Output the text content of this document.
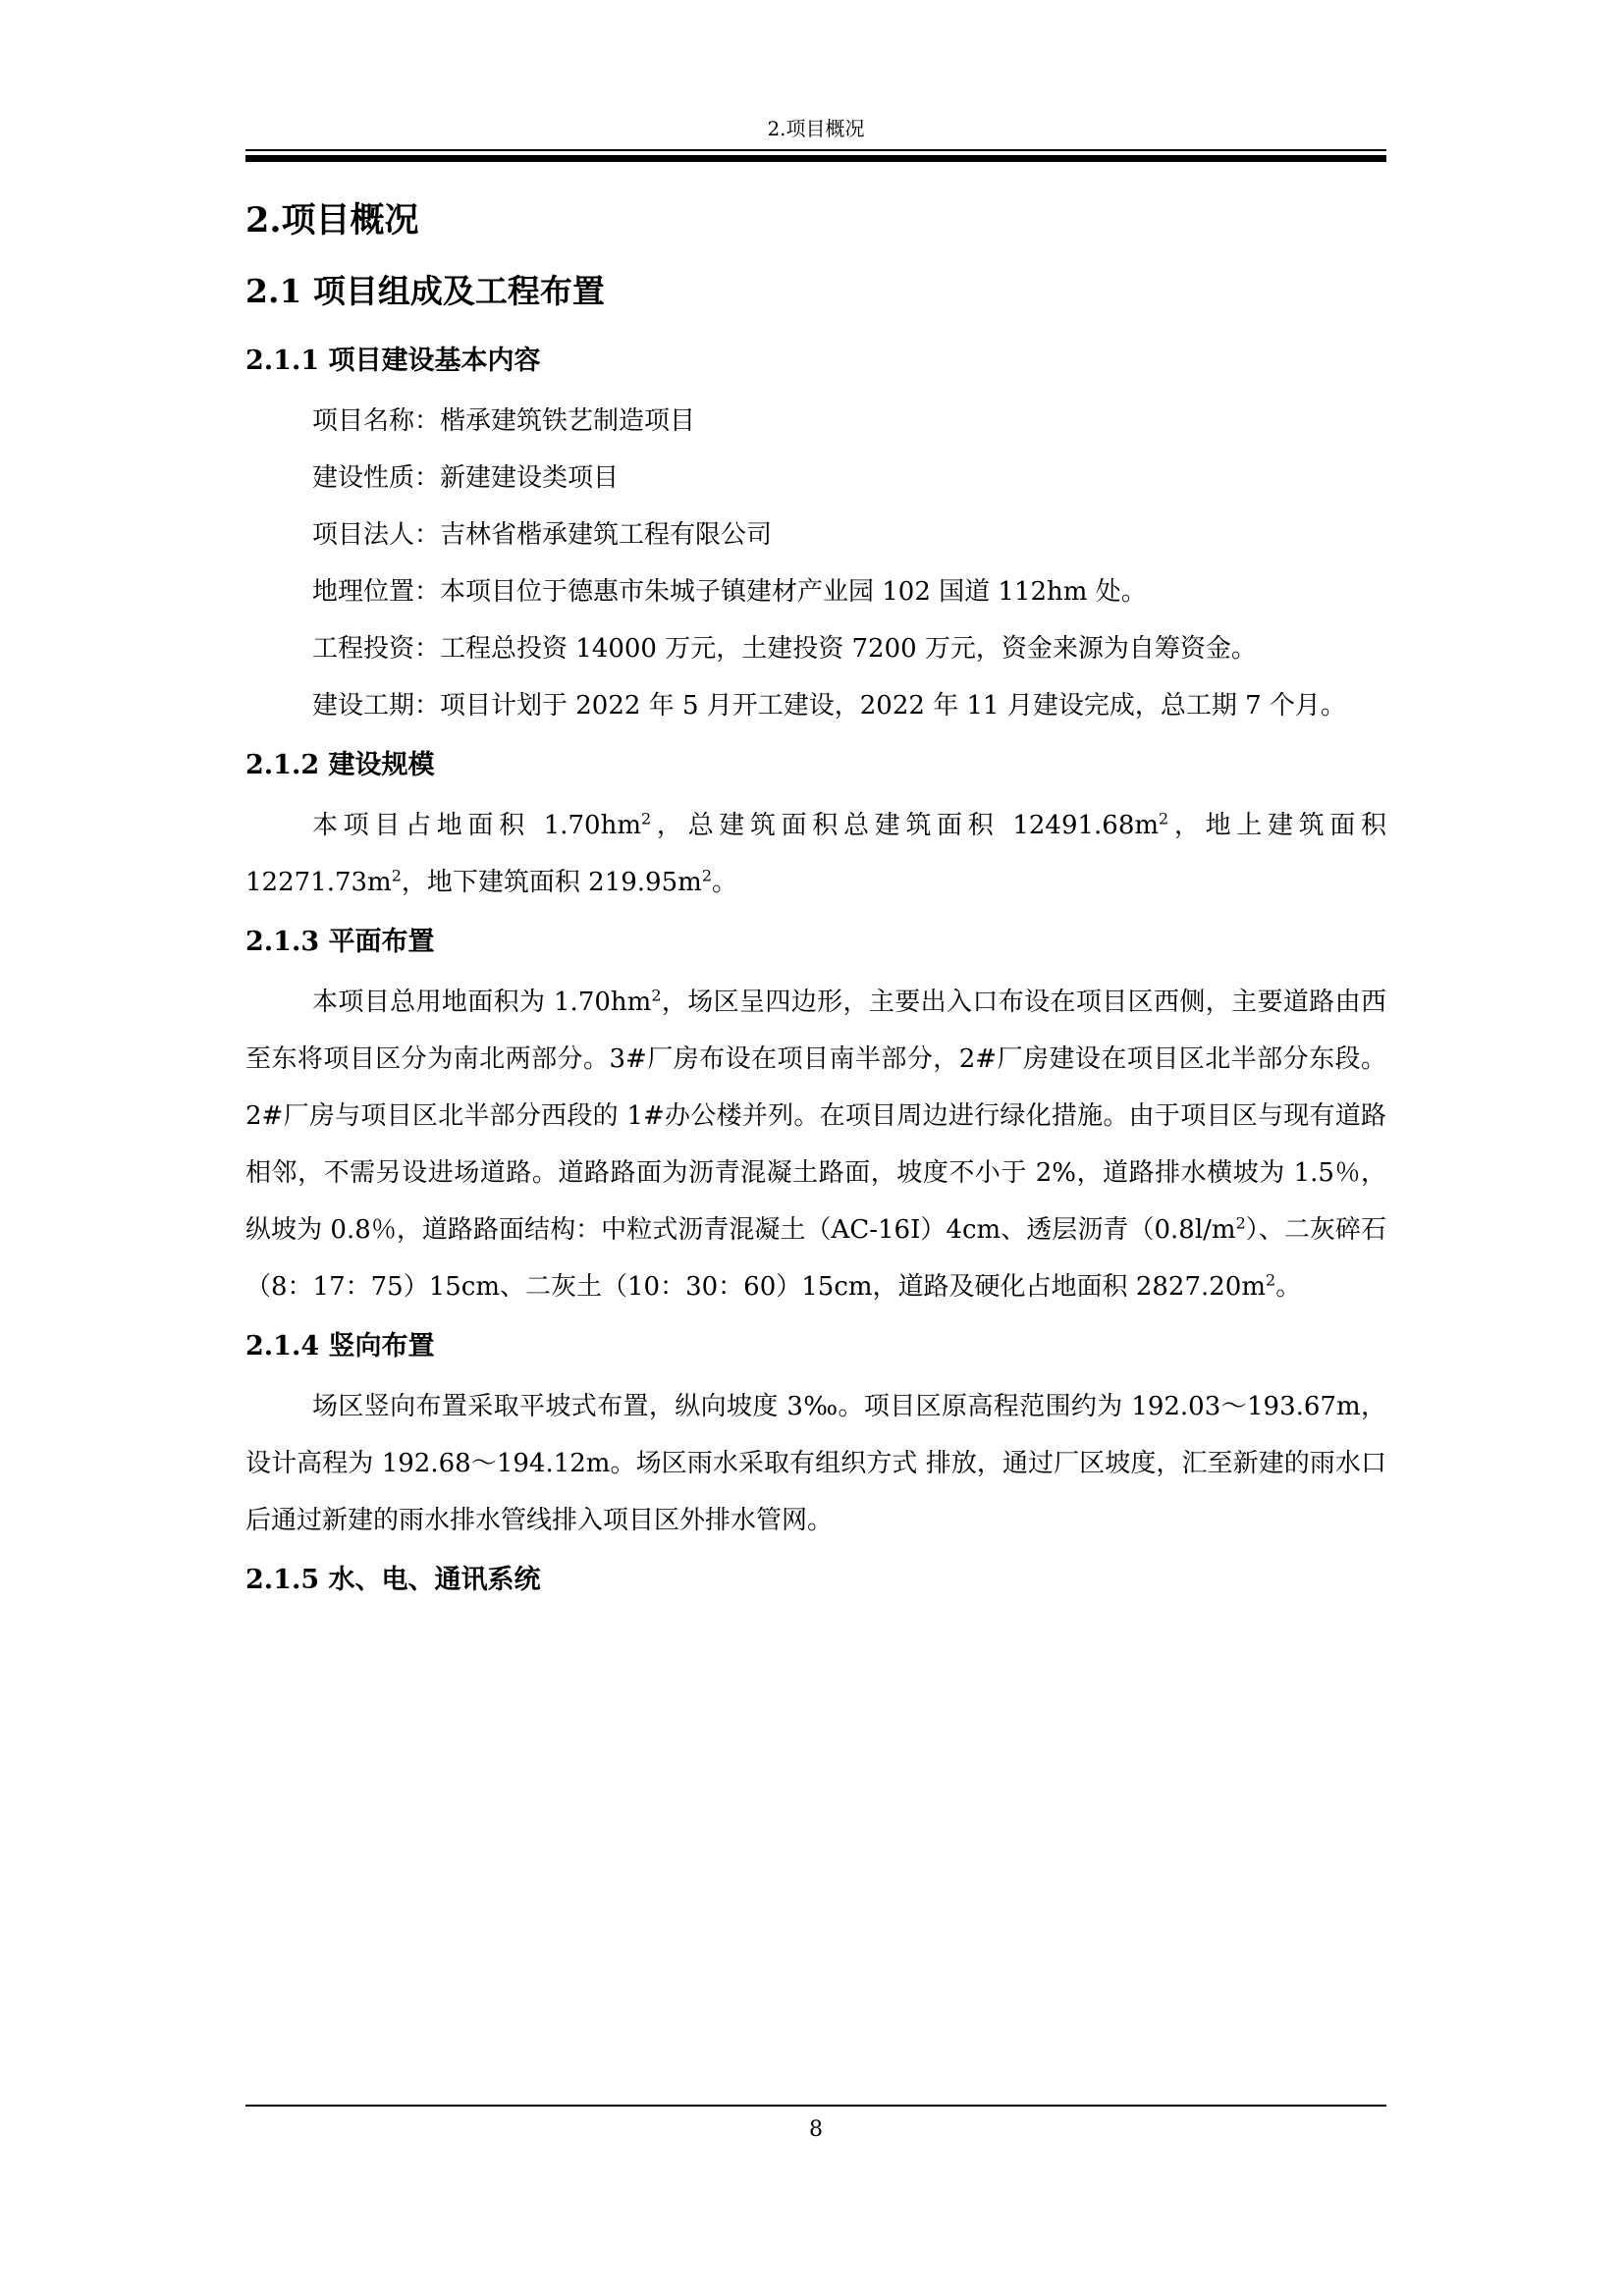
2.项目概况
2.项目概况
2.1 项目组成及工程布置
2.1.1 项目建设基本内容

项目名称：楷承建筑铁艺制造项目

建设性质：新建建设类项目

项目法人：吉林省楷承建筑工程有限公司

地理位置：本项目位于德惠市朱城子镇建材产业园 102 国道 112hm 处。

工程投资：工程总投资 14000 万元，土建投资 7200 万元，资金来源为自筹资金。

建设工期：项目计划于 2022 年 5 月开工建设，2022 年 11 月建设完成，总工期 7 个月。

2.1.2 建设规模

本项目占地面积 $1.70hm^2$，总建筑面积总建筑面积 $12491.68m^2$，地上建筑面积 $12271.73m^2$，地下建筑面积 $219.95m^2$。

2.1.3 平面布置

本项目总用地面积为 $1.70hm^2$，场区呈四边形，主要出入口布设在项目区西侧，主要道路由西至东将项目区分为南北两部分。3#厂房布设在项目南半部分，2#厂房建设在项目区北半部分东段。2#厂房与项目区北半部分西段的 1#办公楼并列。在项目周边进行绿化措施。由于项目区与现有道路相邻，不需另设进场道路。道路路面为沥青混凝土路面，坡度不小于 2%，道路排水横坡为 1.5％，纵坡为 0.8％，道路路面结构：中粒式沥青混凝土（AC-16I）4cm、透层沥青$(0.8l/m^2)$、二灰碎石（8：17：75）15cm、二灰土（10：30：60）15cm，道路及硬化占地面积 $2827.20m^2$。

2.1.4 竖向布置

场区竖向布置采取平坡式布置，纵向坡度 3‰。项目区原高程范围约为 192.03～193.67m，设计高程为 192.68～194.12m。场区雨水采取有组织方式 排放，通过厂区坡度，汇至新建的雨水口后通过新建的雨水排水管线排入项目区外排水管网。

2.1.5 水、电、通讯系统
8
